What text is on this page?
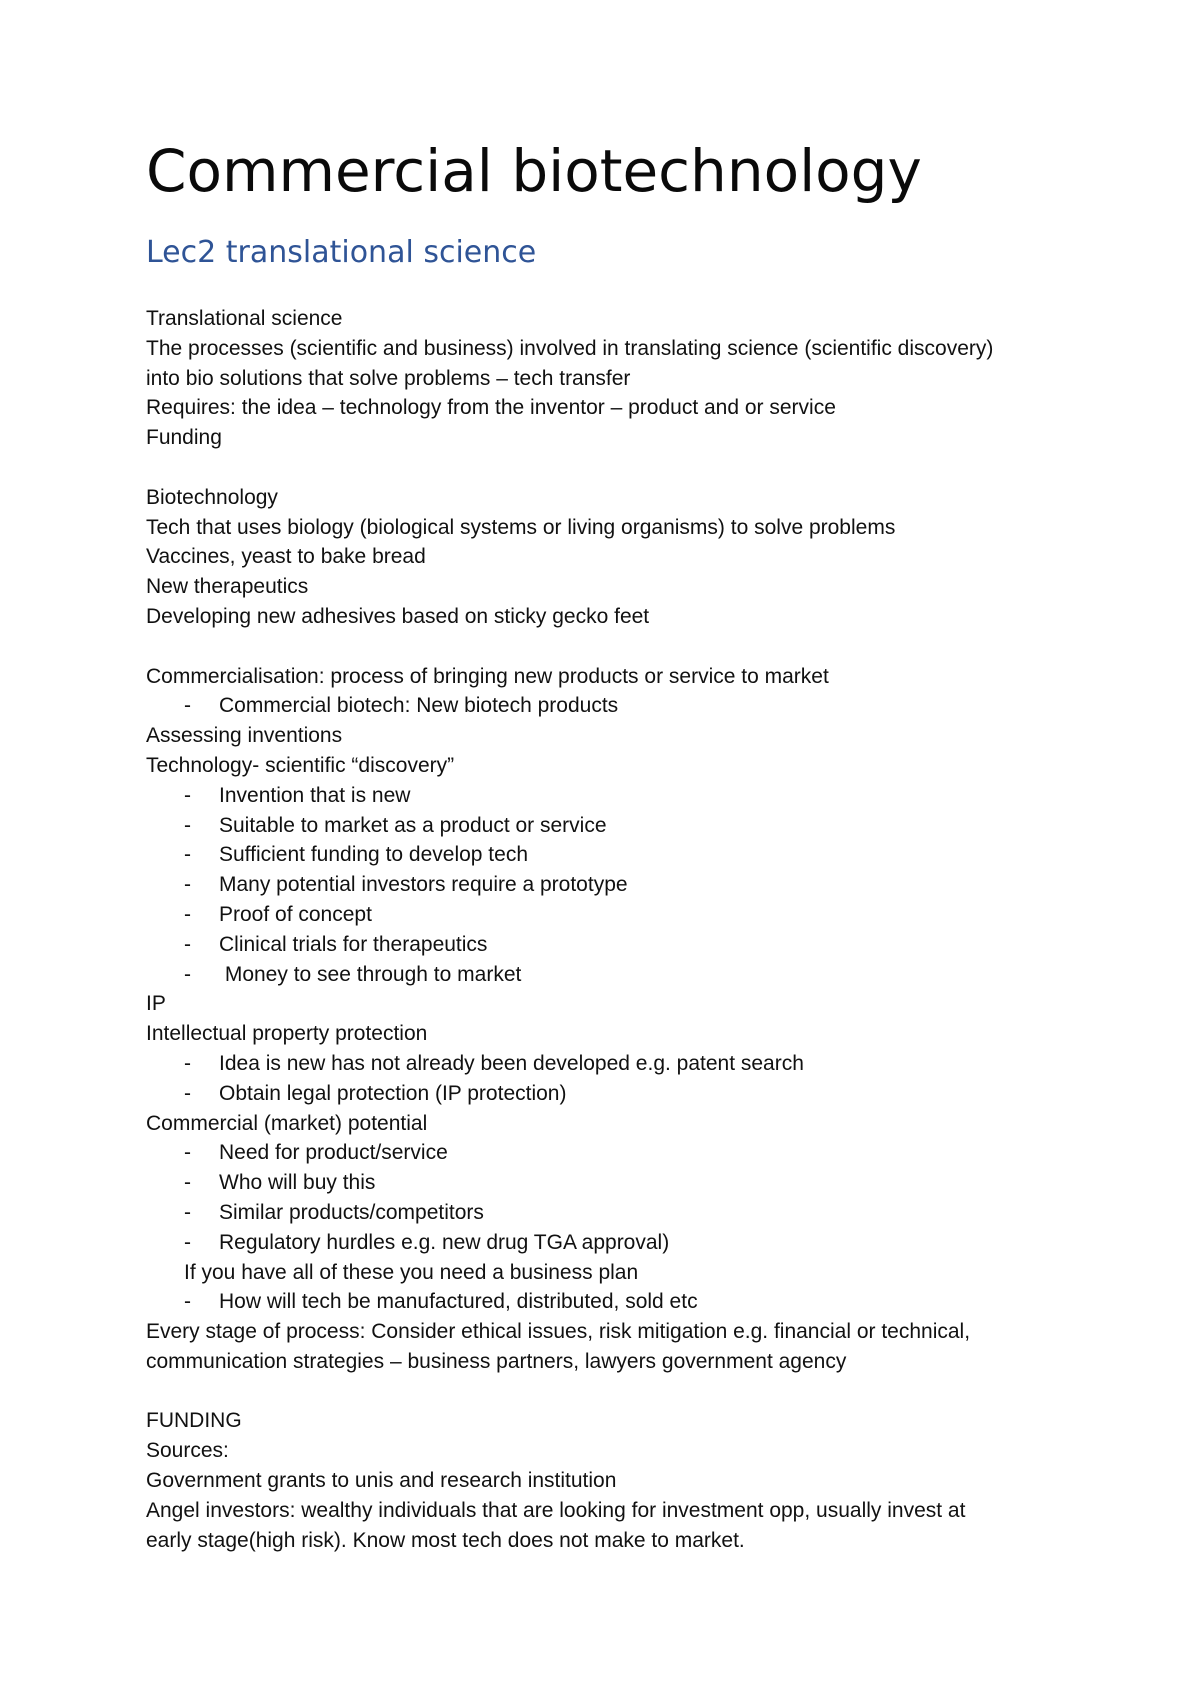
Commercial biotechnology
Lec2 translational science
Translational science
The processes (scientific and business) involved in translating science (scientific discovery)
into bio solutions that solve problems – tech transfer
Requires: the idea – technology from the inventor – product and or service
Funding
Biotechnology
Tech that uses biology (biological systems or living organisms) to solve problems
Vaccines, yeast to bake bread
New therapeutics
Developing new adhesives based on sticky gecko feet
Commercialisation: process of bringing new products or service to market
- Commercial biotech: New biotech products
Assessing inventions
Technology- scientific “discovery”
- Invention that is new
- Suitable to market as a product or service
- Sufficient funding to develop tech
- Many potential investors require a prototype
- Proof of concept
- Clinical trials for therapeutics
- Money to see through to market
IP
Intellectual property protection
- Idea is new has not already been developed e.g. patent search
- Obtain legal protection (IP protection)
Commercial (market) potential
- Need for product/service
- Who will buy this
- Similar products/competitors
- Regulatory hurdles e.g. new drug TGA approval)
If you have all of these you need a business plan
- How will tech be manufactured, distributed, sold etc
Every stage of process: Consider ethical issues, risk mitigation e.g. financial or technical,
communication strategies – business partners, lawyers government agency
FUNDING
Sources:
Government grants to unis and research institution
Angel investors: wealthy individuals that are looking for investment opp, usually invest at
early stage(high risk). Know most tech does not make to market.
